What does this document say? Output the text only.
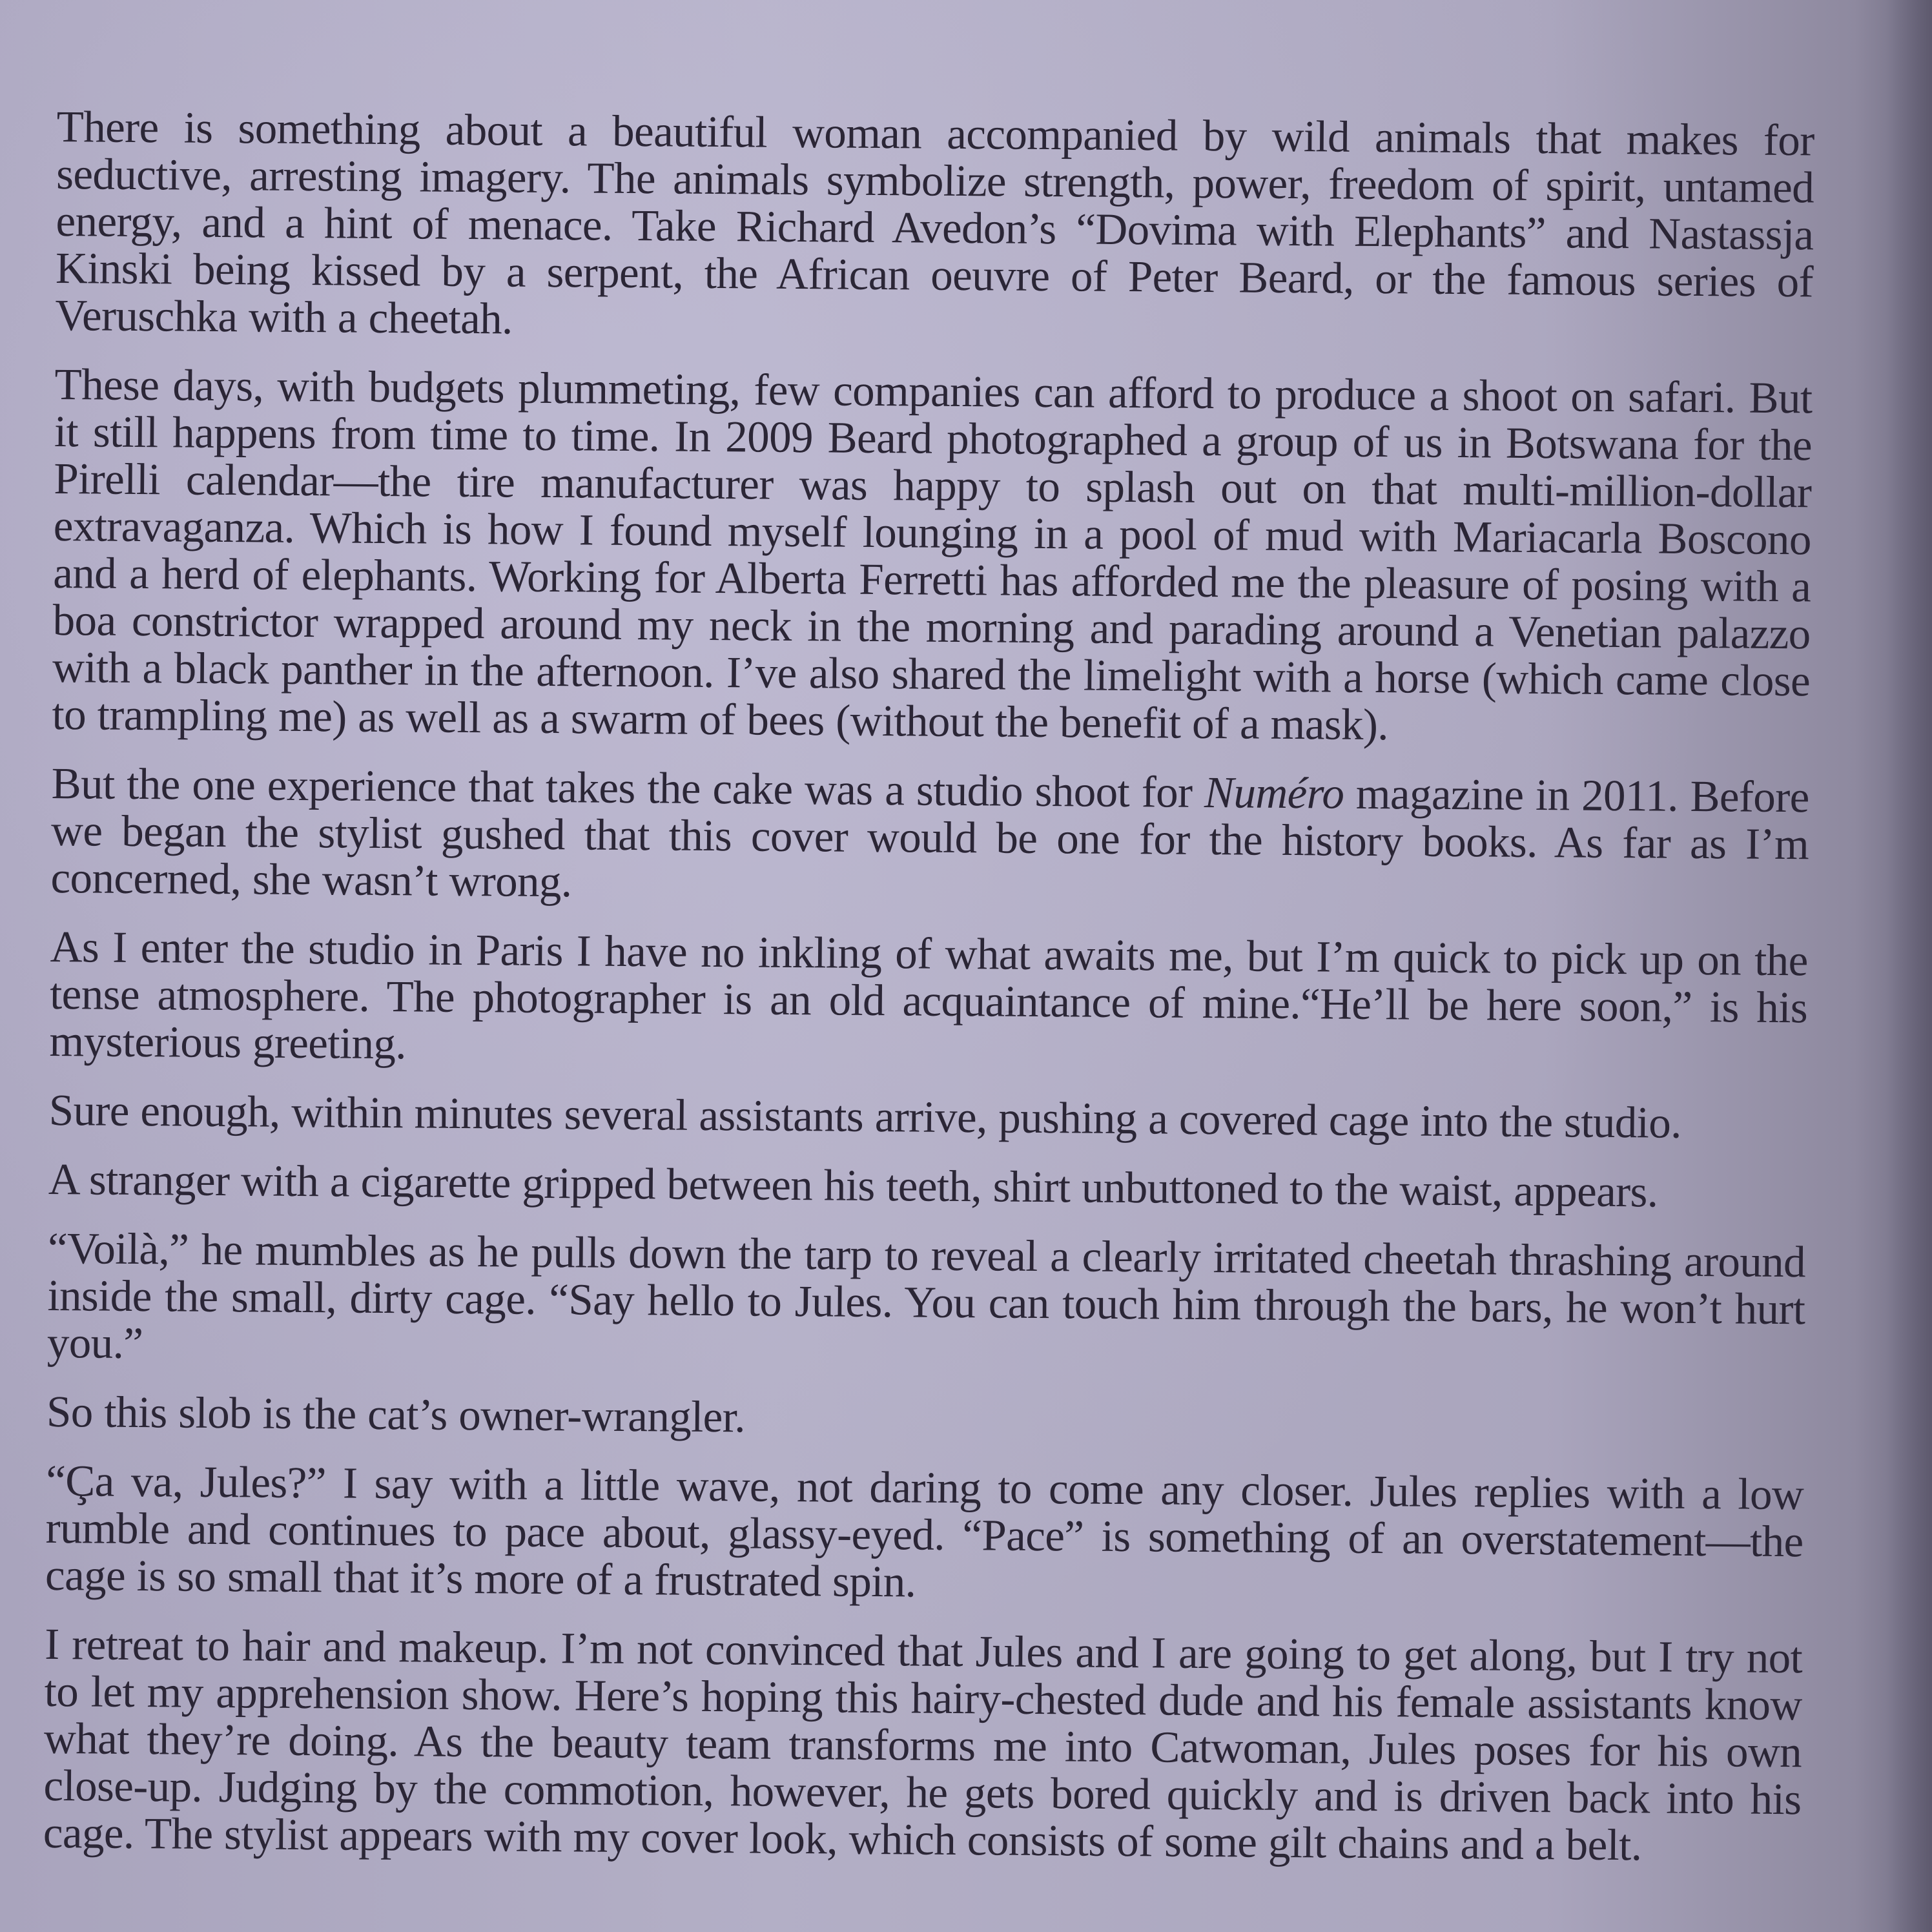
There is something about a beautiful woman accompanied by wild animals that makes for seductive, arresting imagery. The animals symbolize strength, power, freedom of spirit, untamed energy, and a hint of menace. Take Richard Avedon’s “Dovima with Elephants” and Nastassja Kinski being kissed by a serpent, the African oeuvre of Peter Beard, or the famous series of Veruschka with a cheetah.

These days, with budgets plummeting, few companies can afford to produce a shoot on safari. But it still happens from time to time. In 2009 Beard photographed a group of us in Botswana for the Pirelli calendar—the tire manufacturer was happy to splash out on that multi-million-dollar extravaganza. Which is how I found myself lounging in a pool of mud with Mariacarla Boscono and a herd of elephants. Working for Alberta Ferretti has afforded me the pleasure of posing with a boa constrictor wrapped around my neck in the morning and parading around a Venetian palazzo with a black panther in the afternoon. I’ve also shared the limelight with a horse (which came close to trampling me) as well as a swarm of bees (without the benefit of a mask).

But the one experience that takes the cake was a studio shoot for Numéro magazine in 2011. Before we began the stylist gushed that this cover would be one for the history books. As far as I’m concerned, she wasn’t wrong.

As I enter the studio in Paris I have no inkling of what awaits me, but I’m quick to pick up on the tense atmosphere. The photographer is an old acquaintance of mine.“He’ll be here soon,” is his mysterious greeting.

Sure enough, within minutes several assistants arrive, pushing a covered cage into the studio.

A stranger with a cigarette gripped between his teeth, shirt unbuttoned to the waist, appears.

“Voilà,” he mumbles as he pulls down the tarp to reveal a clearly irritated cheetah thrashing around inside the small, dirty cage. “Say hello to Jules. You can touch him through the bars, he won’t hurt you.”

So this slob is the cat’s owner-wrangler.

“Ça va, Jules?” I say with a little wave, not daring to come any closer. Jules replies with a low rumble and continues to pace about, glassy-eyed. “Pace” is something of an overstatement—the cage is so small that it’s more of a frustrated spin.

I retreat to hair and makeup. I’m not convinced that Jules and I are going to get along, but I try not to let my apprehension show. Here’s hoping this hairy-chested dude and his female assistants know what they’re doing. As the beauty team transforms me into Catwoman, Jules poses for his own close-up. Judging by the commotion, however, he gets bored quickly and is driven back into his cage. The stylist appears with my cover look, which consists of some gilt chains and a belt.
